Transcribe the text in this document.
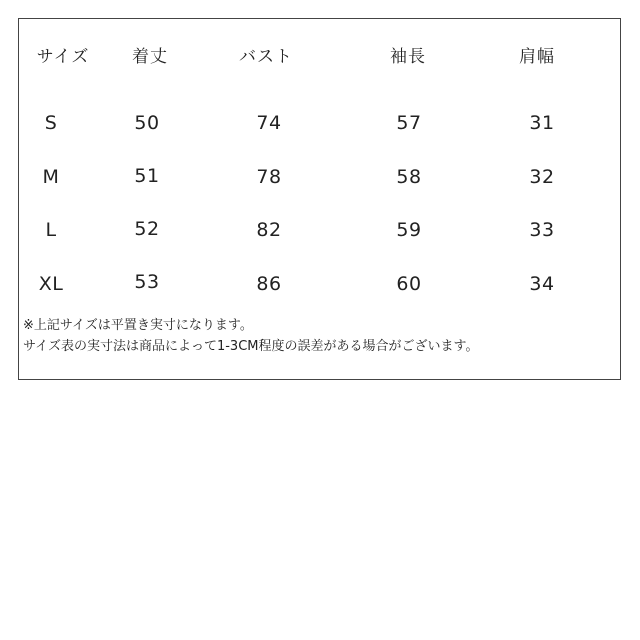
サイズ	着丈	バスト	袖長	肩幅
S	50	74	57	31
M	51	78	58	32
L	52	82	59	33
XL	53	86	60	34
※上記サイズは平置き実寸になります。
サイズ表の実寸法は商品によって1-3CM程度の誤差がある場合がございます。
